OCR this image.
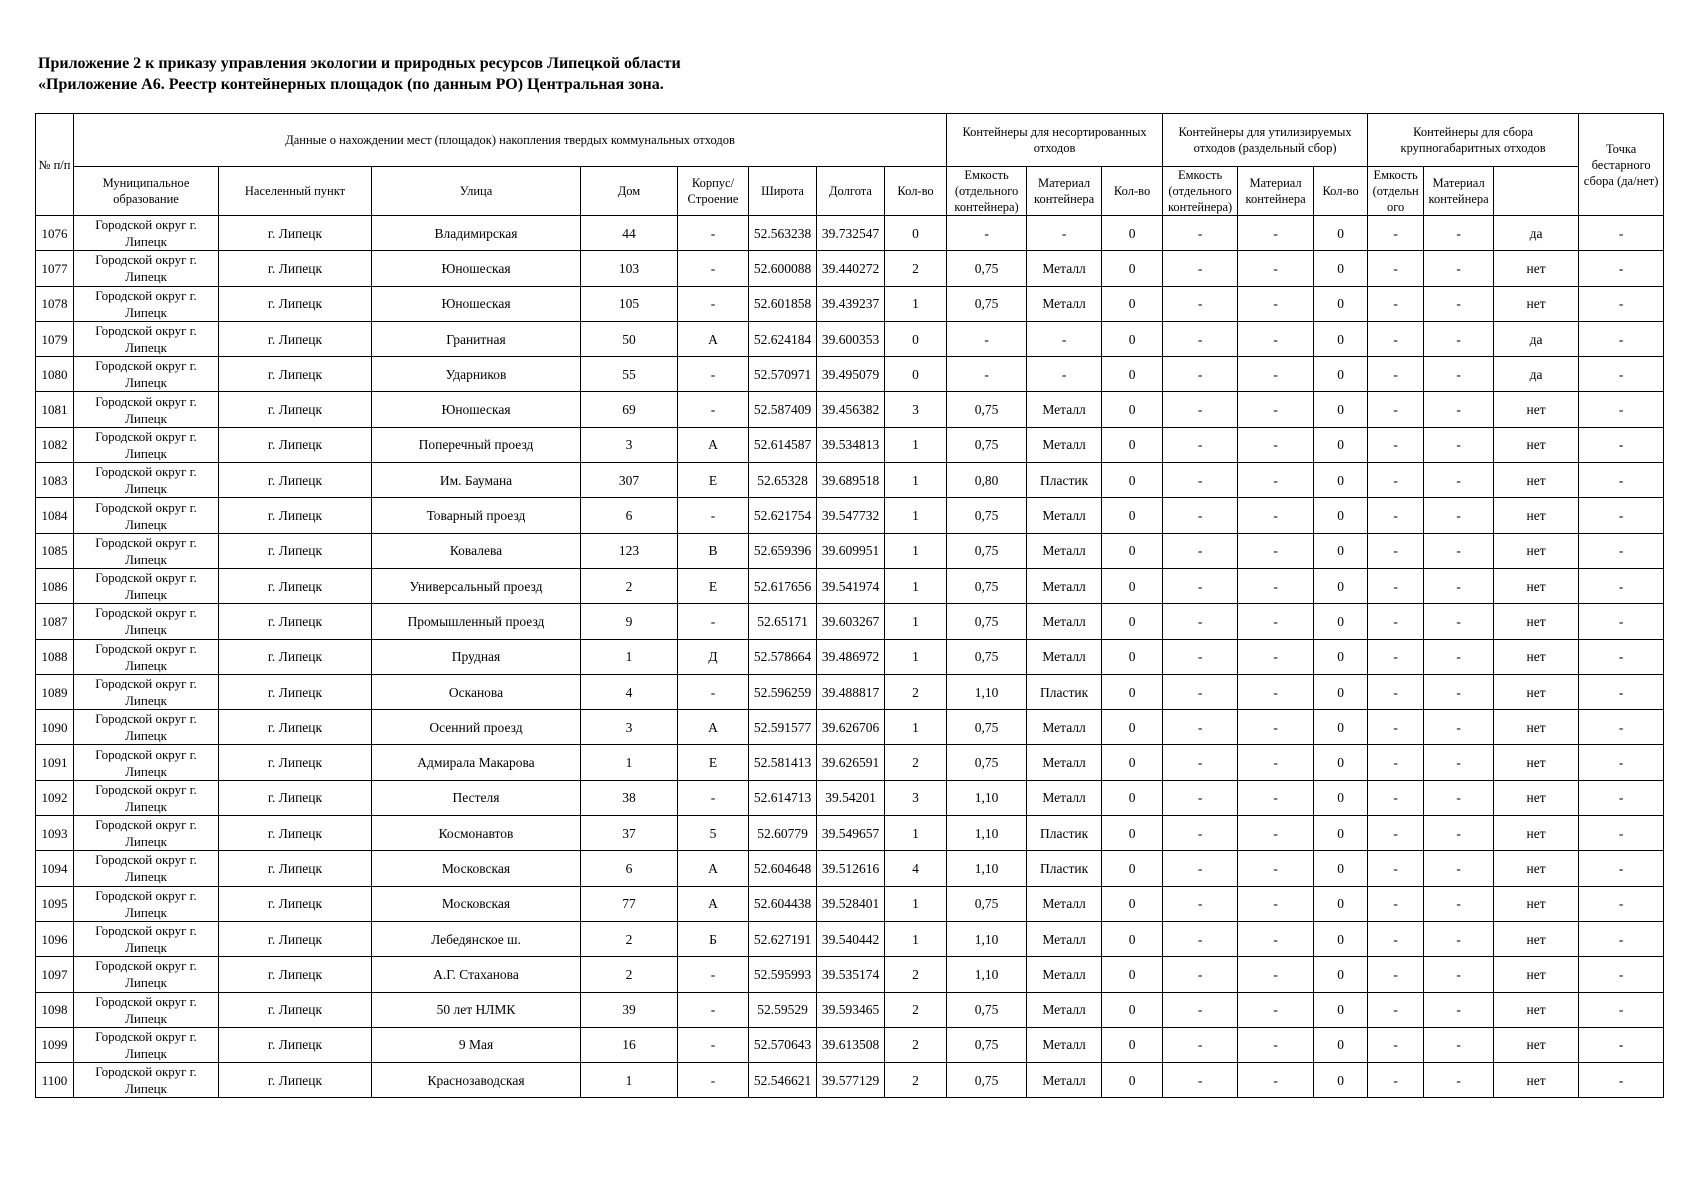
Приложение 2 к приказу управления экологии и природных ресурсов Липецкой области
«Приложение А6. Реестр контейнерных площадок (по данным РО) Центральная зона.
№ п/п	Данные о нахождении мест (площадок) накопления твердых коммунальных отходов								Контейнеры для несортированных отходов			Контейнеры для утилизируемых отходов (раздельный сбор)			Контейнеры для сбора крупногабаритных отходов			Точка бестарного сбора (да/нет)	
	Муниципальное образование	Населенный пункт	Улица	Дом	Корпус/ Строение	Широта	Долгота	Кол-во	Емкость (отдельного контейнера)	Материал контейнера	Кол-во	Емкость (отдельного контейнера)	Материал контейнера	Кол-во	Емкость (отдельн ого	Материал контейнера			
1076	Городской округ г. Липецк	г. Липецк	Владимирская	44	-	52.563238	39.732547	0	-	-	0	-	-	0	-	-	да	-	
1077	Городской округ г. Липецк	г. Липецк	Юношеская	103	-	52.600088	39.440272	2	0,75	Металл	0	-	-	0	-	-	нет	-	
1078	Городской округ г. Липецк	г. Липецк	Юношеская	105	-	52.601858	39.439237	1	0,75	Металл	0	-	-	0	-	-	нет	-	
1079	Городской округ г. Липецк	г. Липецк	Гранитная	50	А	52.624184	39.600353	0	-	-	0	-	-	0	-	-	да	-	
1080	Городской округ г. Липецк	г. Липецк	Ударников	55	-	52.570971	39.495079	0	-	-	0	-	-	0	-	-	да	-	
1081	Городской округ г. Липецк	г. Липецк	Юношеская	69	-	52.587409	39.456382	3	0,75	Металл	0	-	-	0	-	-	нет	-	
1082	Городской округ г. Липецк	г. Липецк	Поперечный проезд	3	А	52.614587	39.534813	1	0,75	Металл	0	-	-	0	-	-	нет	-	
1083	Городской округ г. Липецк	г. Липецк	Им. Баумана	307	Е	52.65328	39.689518	1	0,80	Пластик	0	-	-	0	-	-	нет	-	
1084	Городской округ г. Липецк	г. Липецк	Товарный проезд	6	-	52.621754	39.547732	1	0,75	Металл	0	-	-	0	-	-	нет	-	
1085	Городской округ г. Липецк	г. Липецк	Ковалева	123	В	52.659396	39.609951	1	0,75	Металл	0	-	-	0	-	-	нет	-	
1086	Городской округ г. Липецк	г. Липецк	Универсальный проезд	2	Е	52.617656	39.541974	1	0,75	Металл	0	-	-	0	-	-	нет	-	
1087	Городской округ г. Липецк	г. Липецк	Промышленный проезд	9	-	52.65171	39.603267	1	0,75	Металл	0	-	-	0	-	-	нет	-	
1088	Городской округ г. Липецк	г. Липецк	Прудная	1	Д	52.578664	39.486972	1	0,75	Металл	0	-	-	0	-	-	нет	-	
1089	Городской округ г. Липецк	г. Липецк	Осканова	4	-	52.596259	39.488817	2	1,10	Пластик	0	-	-	0	-	-	нет	-	
1090	Городской округ г. Липецк	г. Липецк	Осенний проезд	3	А	52.591577	39.626706	1	0,75	Металл	0	-	-	0	-	-	нет	-	
1091	Городской округ г. Липецк	г. Липецк	Адмирала Макарова	1	Е	52.581413	39.626591	2	0,75	Металл	0	-	-	0	-	-	нет	-	
1092	Городской округ г. Липецк	г. Липецк	Пестеля	38	-	52.614713	39.54201	3	1,10	Металл	0	-	-	0	-	-	нет	-	
1093	Городской округ г. Липецк	г. Липецк	Космонавтов	37	5	52.60779	39.549657	1	1,10	Пластик	0	-	-	0	-	-	нет	-	
1094	Городской округ г. Липецк	г. Липецк	Московская	6	А	52.604648	39.512616	4	1,10	Пластик	0	-	-	0	-	-	нет	-	
1095	Городской округ г. Липецк	г. Липецк	Московская	77	А	52.604438	39.528401	1	0,75	Металл	0	-	-	0	-	-	нет	-	
1096	Городской округ г. Липецк	г. Липецк	Лебедянское ш.	2	Б	52.627191	39.540442	1	1,10	Металл	0	-	-	0	-	-	нет	-	
1097	Городской округ г. Липецк	г. Липецк	А.Г. Стаханова	2	-	52.595993	39.535174	2	1,10	Металл	0	-	-	0	-	-	нет	-	
1098	Городской округ г. Липецк	г. Липецк	50 лет НЛМК	39	-	52.59529	39.593465	2	0,75	Металл	0	-	-	0	-	-	нет	-	
1099	Городской округ г. Липецк	г. Липецк	9 Мая	16	-	52.570643	39.613508	2	0,75	Металл	0	-	-	0	-	-	нет	-	
1100	Городской округ г. Липецк	г. Липецк	Краснозаводская	1	-	52.546621	39.577129	2	0,75	Металл	0	-	-	0	-	-	нет	-	
